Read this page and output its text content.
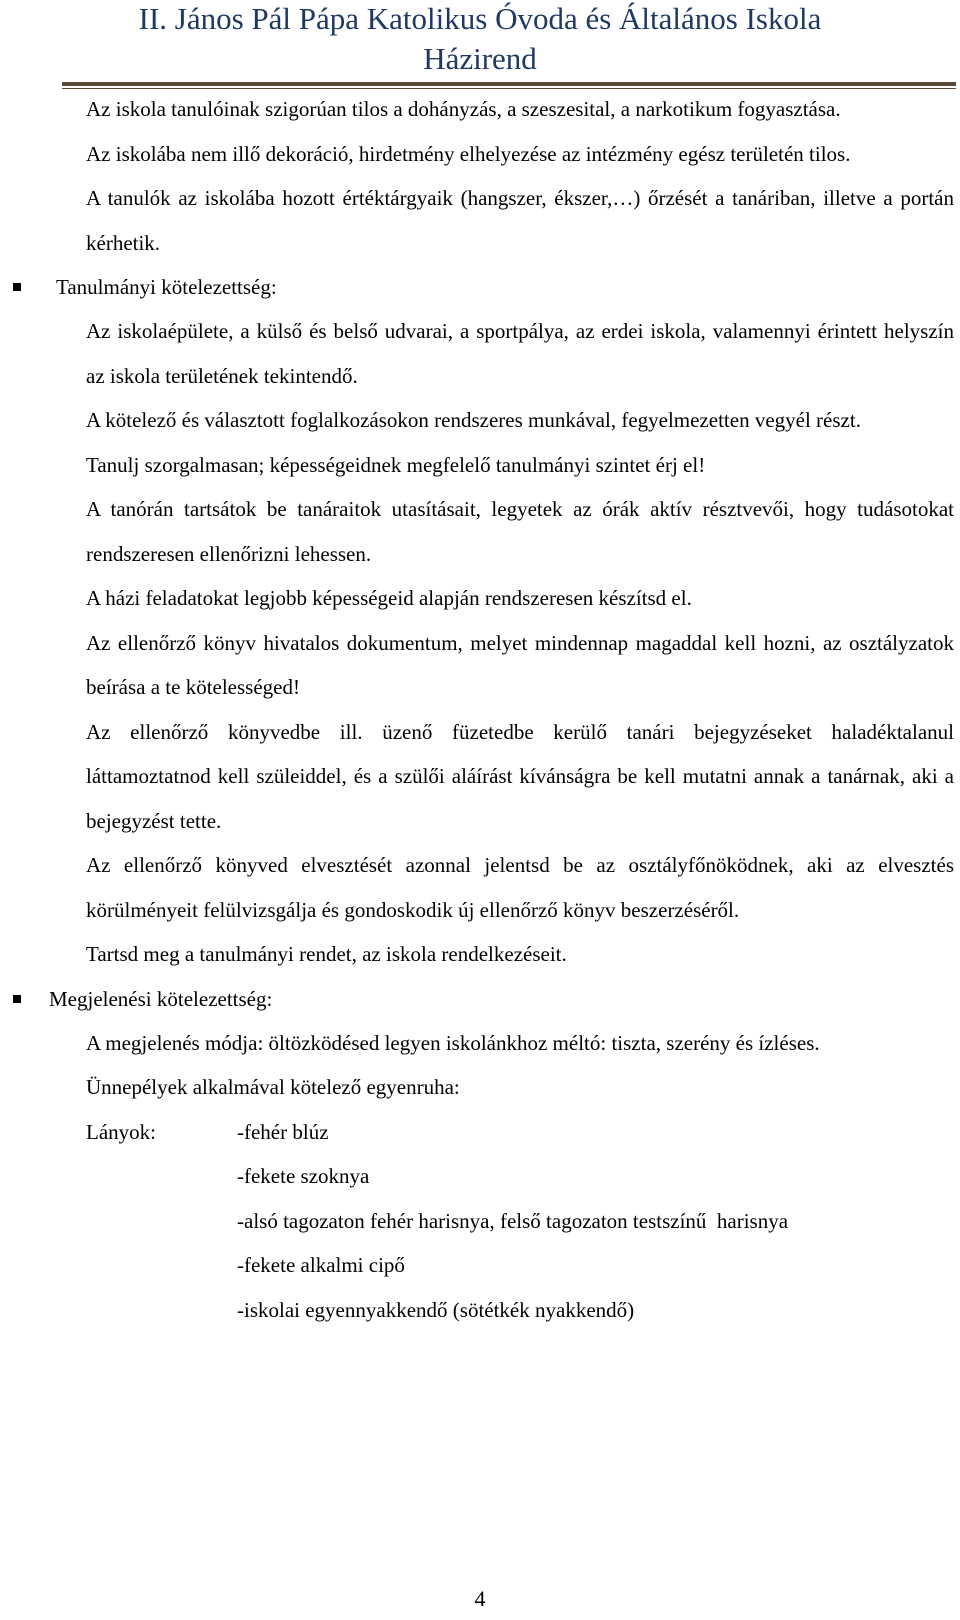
II. János Pál Pápa Katolikus Óvoda és Általános Iskola
Házirend

Az iskola tanulóinak szigorúan tilos a dohányzás, a szeszesital, a narkotikum fogyasztása.

Az iskolába nem illő dekoráció, hirdetmény elhelyezése az intézmény egész területén tilos.

A tanulók az iskolába hozott értéktárgyaik (hangszer, ékszer,…) őrzését a tanáriban, illetve a portán kérhetik.

Tanulmányi kötelezettség:

Az iskolaépülete, a külső és belső udvarai, a sportpálya, az erdei iskola, valamennyi érintett helyszín az iskola területének tekintendő.

A kötelező és választott foglalkozásokon rendszeres munkával, fegyelmezetten vegyél részt.

Tanulj szorgalmasan; képességeidnek megfelelő tanulmányi szintet érj el!

A tanórán tartsátok be tanáraitok utasításait, legyetek az órák aktív résztvevői, hogy tudásotokat rendszeresen ellenőrizni lehessen.

A házi feladatokat legjobb képességeid alapján rendszeresen készítsd el.

Az ellenőrző könyv hivatalos dokumentum, melyet mindennap magaddal kell hozni, az osztályzatok beírása a te kötelességed!

Az ellenőrző könyvedbe ill. üzenő füzetedbe kerülő tanári bejegyzéseket haladéktalanul láttamoztatnod kell szüleiddel, és a szülői aláírást kívánságra be kell mutatni annak a tanárnak, aki a bejegyzést tette.

Az ellenőrző könyved elvesztését azonnal jelentsd be az osztályfőnöködnek, aki az elvesztés körülményeit felülvizsgálja és gondoskodik új ellenőrző könyv beszerzéséről.

Tartsd meg a tanulmányi rendet, az iskola rendelkezéseit.

Megjelenési kötelezettség:

A megjelenés módja: öltözködésed legyen iskolánkhoz méltó: tiszta, szerény és ízléses.

Ünnepélyek alkalmával kötelező egyenruha:

Lányok:	-fehér blúz
-fekete szoknya
-alsó tagozaton fehér harisnya, felső tagozaton testszínű  harisnya
-fekete alkalmi cipő
-iskolai egyennyakkendő (sötétkék nyakkendő)
4
